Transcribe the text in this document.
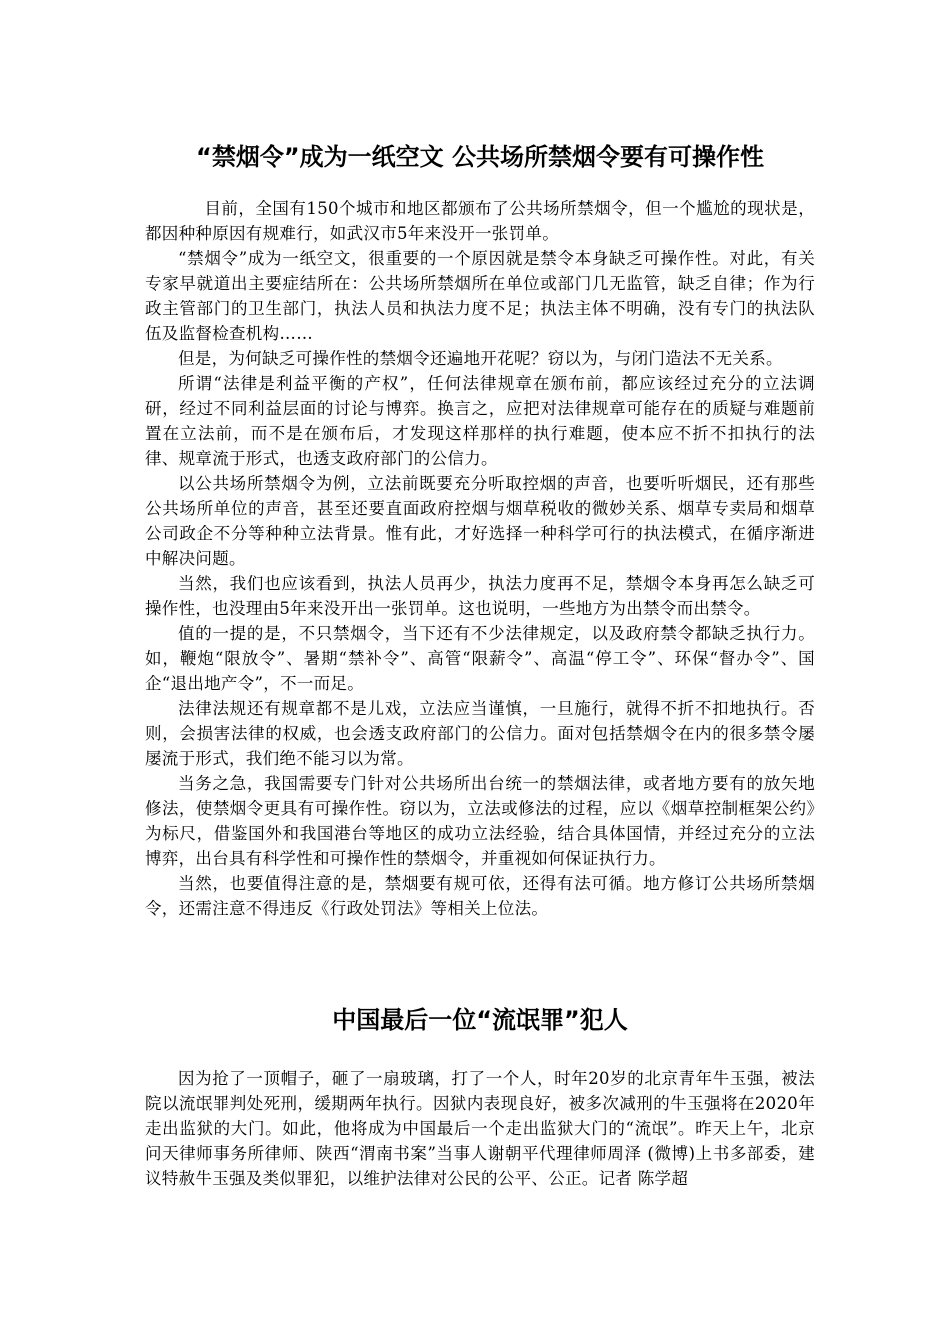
“禁烟令”成为一纸空文 公共场所禁烟令要有可操作性

目前，全国有150个城市和地区都颁布了公共场所禁烟令，但一个尴尬的现状是，都因种种原因有规难行，如武汉市5年来没开一张罚单。

“禁烟令”成为一纸空文，很重要的一个原因就是禁令本身缺乏可操作性。对此，有关专家早就道出主要症结所在：公共场所禁烟所在单位或部门几无监管，缺乏自律；作为行政主管部门的卫生部门，执法人员和执法力度不足；执法主体不明确，没有专门的执法队伍及监督检查机构……

但是，为何缺乏可操作性的禁烟令还遍地开花呢？窃以为，与闭门造法不无关系。

所谓“法律是利益平衡的产权”，任何法律规章在颁布前，都应该经过充分的立法调研，经过不同利益层面的讨论与博弈。换言之，应把对法律规章可能存在的质疑与难题前置在立法前，而不是在颁布后，才发现这样那样的执行难题，使本应不折不扣执行的法律、规章流于形式，也透支政府部门的公信力。

以公共场所禁烟令为例，立法前既要充分听取控烟的声音，也要听听烟民，还有那些公共场所单位的声音，甚至还要直面政府控烟与烟草税收的微妙关系、烟草专卖局和烟草公司政企不分等种种立法背景。惟有此，才好选择一种科学可行的执法模式，在循序渐进中解决问题。

当然，我们也应该看到，执法人员再少，执法力度再不足，禁烟令本身再怎么缺乏可操作性，也没理由5年来没开出一张罚单。这也说明，一些地方为出禁令而出禁令。

值的一提的是，不只禁烟令，当下还有不少法律规定，以及政府禁令都缺乏执行力。如，鞭炮“限放令”、暑期“禁补令”、高管“限薪令”、高温“停工令”、环保“督办令”、国企“退出地产令”，不一而足。

法律法规还有规章都不是儿戏，立法应当谨慎，一旦施行，就得不折不扣地执行。否则，会损害法律的权威，也会透支政府部门的公信力。面对包括禁烟令在内的很多禁令屡屡流于形式，我们绝不能习以为常。

当务之急，我国需要专门针对公共场所出台统一的禁烟法律，或者地方要有的放矢地修法，使禁烟令更具有可操作性。窃以为，立法或修法的过程，应以《烟草控制框架公约》为标尺，借鉴国外和我国港台等地区的成功立法经验，结合具体国情，并经过充分的立法博弈，出台具有科学性和可操作性的禁烟令，并重视如何保证执行力。

当然，也要值得注意的是，禁烟要有规可依，还得有法可循。地方修订公共场所禁烟令，还需注意不得违反《行政处罚法》等相关上位法。

中国最后一位“流氓罪”犯人

因为抢了一顶帽子，砸了一扇玻璃，打了一个人，时年20岁的北京青年牛玉强，被法院以流氓罪判处死刑，缓期两年执行。因狱内表现良好，被多次减刑的牛玉强将在2020年走出监狱的大门。如此，他将成为中国最后一个走出监狱大门的“流氓”。昨天上午，北京问天律师事务所律师、陕西“渭南书案”当事人谢朝平代理律师周泽 (微博)上书多部委，建议特赦牛玉强及类似罪犯，以维护法律对公民的公平、公正。记者 陈学超
